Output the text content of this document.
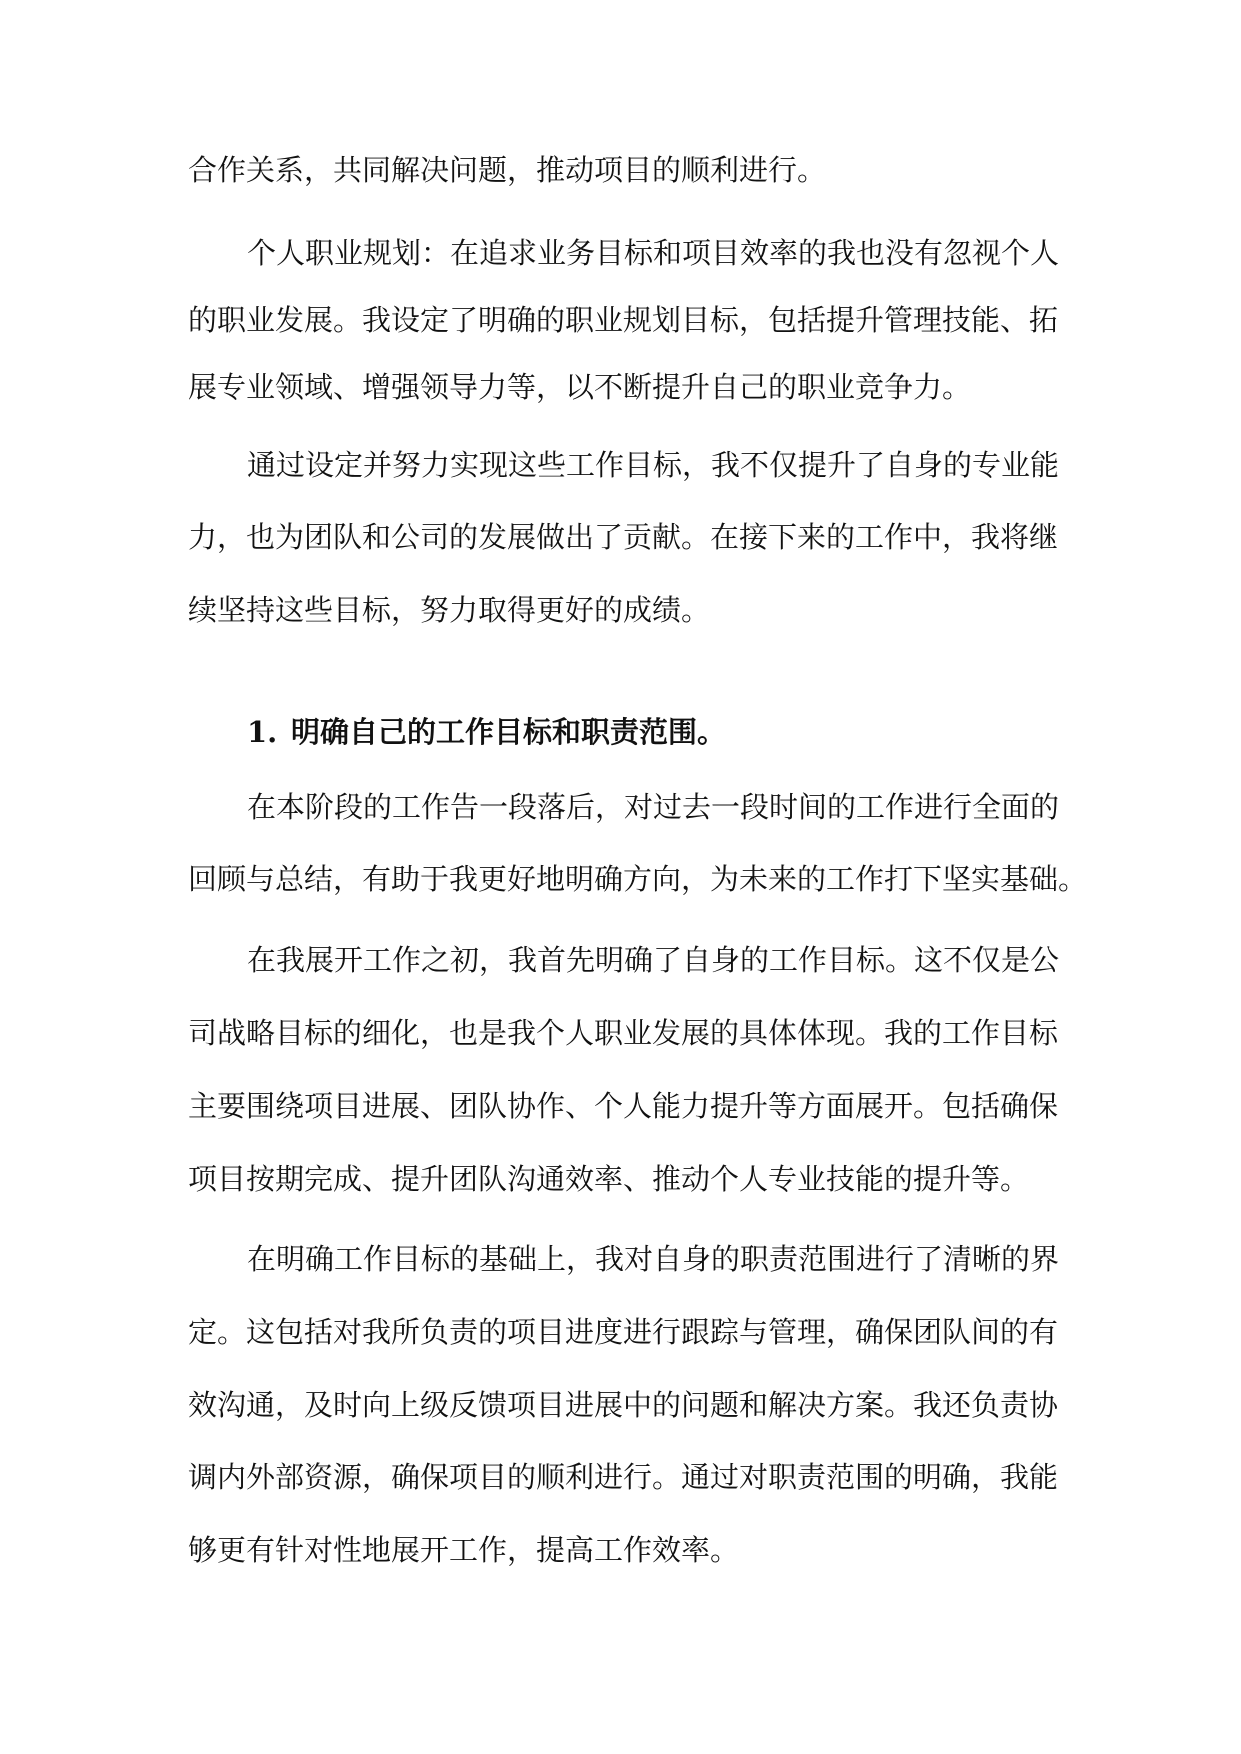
合作关系，共同解决问题，推动项目的顺利进行。
个人职业规划：在追求业务目标和项目效率的我也没有忽视个人
的职业发展。我设定了明确的职业规划目标，包括提升管理技能、拓
展专业领域、增强领导力等，以不断提升自己的职业竞争力。
通过设定并努力实现这些工作目标，我不仅提升了自身的专业能
力，也为团队和公司的发展做出了贡献。在接下来的工作中，我将继
续坚持这些目标，努力取得更好的成绩。
1. 明确自己的工作目标和职责范围。
在本阶段的工作告一段落后，对过去一段时间的工作进行全面的
回顾与总结，有助于我更好地明确方向，为未来的工作打下坚实基础。
在我展开工作之初，我首先明确了自身的工作目标。这不仅是公
司战略目标的细化，也是我个人职业发展的具体体现。我的工作目标
主要围绕项目进展、团队协作、个人能力提升等方面展开。包括确保
项目按期完成、提升团队沟通效率、推动个人专业技能的提升等。
在明确工作目标的基础上，我对自身的职责范围进行了清晰的界
定。这包括对我所负责的项目进度进行跟踪与管理，确保团队间的有
效沟通，及时向上级反馈项目进展中的问题和解决方案。我还负责协
调内外部资源，确保项目的顺利进行。通过对职责范围的明确，我能
够更有针对性地展开工作，提高工作效率。
